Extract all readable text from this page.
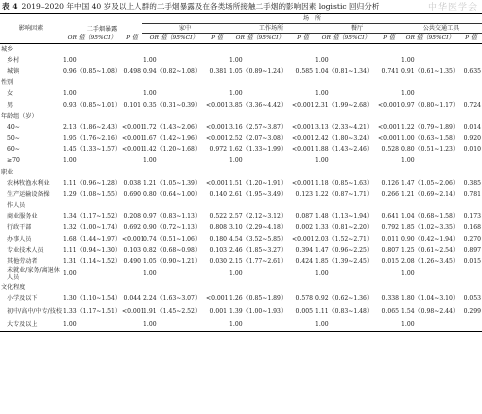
表 4 2019–2020 年中国 40 岁及以上人群的二手烟暴露及在各类场所接触二手烟的影响因素 logistic 回归分析	中华医学会
影响因素	二手烟暴露		场　所							
			家中		工作场所		餐厅		公共交通工具	
	OR 值（95%CI）	P 值	OR 值（95%CI）	P 值	OR 值（95%CI）	P 值	OR 值（95%CI）	P 值	OR 值（95%CI）	P 值
城乡										
乡村	1.00		1.00		1.00		1.00		1.00	
城镇	0.96（0.85~1.08）	0.498	0.94（0.82~1.08）	0.381	1.05（0.89~1.24）	0.585	1.04（0.81~1.34）	0.741	0.91（0.61~1.35）	0.635
性别										
女	1.00		1.00		1.00		1.00		1.00	
男	0.93（0.85~1.01）	0.101	0.35（0.31~0.39）	<0.001	3.85（3.36~4.42）	<0.001	2.31（1.99~2.68）	<0.001	0.97（0.80~1.17）	0.724
年龄组（岁）										
40~	2.13（1.86~2.43）	<0.001	1.72（1.43~2.06）	<0.001	3.16（2.57~3.87）	<0.001	3.13（2.33~4.21）	<0.001	1.22（0.79~1.89）	0.014
50~	1.95（1.76~2.16）	<0.001	1.67（1.42~1.96）	<0.001	2.52（2.07~3.08）	<0.001	2.42（1.80~3.24）	<0.001	1.00（0.63~1.58）	0.920
60~	1.45（1.33~1.57）	<0.001	1.42（1.20~1.68）	0.972	1.62（1.33~1.99）	<0.001	1.88（1.43~2.46）	0.528	0.80（0.51~1.23）	0.010
≥70	1.00		1.00		1.00		1.00		1.00	
职业										
农林牧渔水利业	1.11（0.96~1.28）	0.038	1.21（1.05~1.39）	<0.001	1.51（1.20~1.91）	<0.001	1.18（0.85~1.63）	0.126	1.47（1.05~2.06）	0.385
生产运输设备操	1.29（1.08~1.55）	0.690	0.80（0.64~1.00）	0.140	2.61（1.95~3.49）	0.123	1.22（0.87~1.71）	0.266	1.21（0.69~2.14）	0.781
作人员										
商业服务业	1.34（1.17~1.52）	0.208	0.97（0.83~1.13）	0.522	2.57（2.12~3.12）	0.087	1.48（1.13~1.94）	0.641	1.04（0.68~1.58）	0.173
行政干部	1.32（1.00~1.74）	0.692	0.90（0.72~1.13）	0.808	3.10（2.29~4.18）	0.002	1.33（0.81~2.20）	0.792	1.85（1.02~3.35）	0.168
办事人员	1.68（1.44~1.97）	<0.001	0.74（0.51~1.06）	0.180	4.54（3.52~5.85）	<0.001	2.03（1.52~2.71）	0.011	0.90（0.42~1.94）	0.270
专业技术人员	1.11（0.94~1.30）	0.103	0.82（0.68~0.98）	0.103	2.46（1.85~3.27）	0.394	1.47（0.96~2.25）	0.807	1.25（0.61~2.54）	0.897
其他劳动者	1.31（1.14~1.52）	0.490	1.05（0.90~1.21）	0.030	2.15（1.77~2.61）	0.424	1.85（1.39~2.45）	0.015	2.08（1.26~3.45）	0.015
未就业/家务/离退休人员	1.00		1.00		1.00		1.00		1.00	
文化程度										
小学及以下	1.30（1.10~1.54）	0.044	2.24（1.63~3.07）	<0.001	1.26（0.85~1.89）	0.578	0.92（0.62~1.36）	0.338	1.80（1.04~3.10）	0.053
初中/高中/中专/技校	1.33（1.17~1.51）	<0.001	1.91（1.45~2.52）	0.001	1.39（1.00~1.93）	0.005	1.11（0.83~1.48）	0.065	1.54（0.98~2.44）	0.299
大专及以上	1.00		1.00		1.00		1.00		1.00	
